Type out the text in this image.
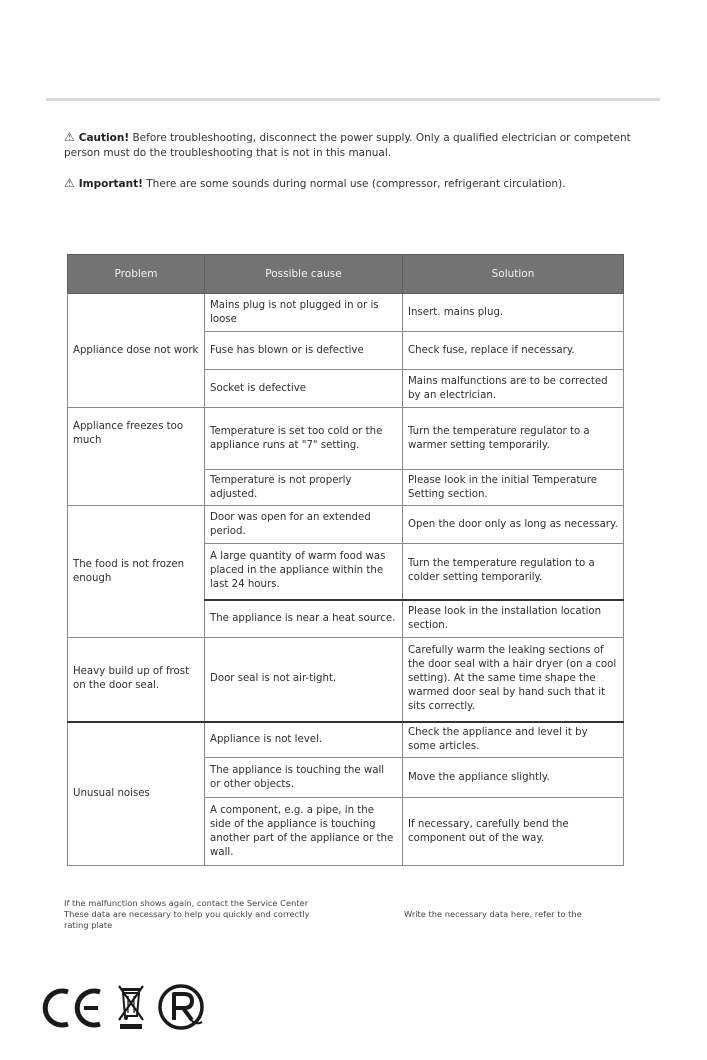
⚠ Caution! Before troubleshooting, disconnect the power supply. Only a qualified electrician or competent person must do the troubleshooting that is not in this manual.
⚠ Important! There are some sounds during normal use (compressor, refrigerant circulation).
Problem	Possible cause	Solution
Appliance dose not work	Mains plug is not plugged in or is loose	Insert. mains plug.
	Fuse has blown or is defective	Check fuse, replace if necessary.
	Socket is defective	Mains malfunctions are to be corrected by an electrician.
Appliance freezes too much	Temperature is set too cold or the appliance runs at "7" setting.	Turn the temperature regulator to a warmer setting temporarily.
	Temperature is not properly adjusted.	Please look in the initial Temperature Setting section.
The food is not frozen enough	Door was open for an extended period.	Open the door only as long as necessary.
	A large quantity of warm food was placed in the appliance within the last 24 hours.	Turn the temperature regulation to a colder setting temporarily.
	The appliance is near a heat source.	Please look in the installation location section.
Heavy build up of frost on the door seal.	Door seal is not air-tight.	Carefully warm the leaking sections of the door seal with a hair dryer (on a cool setting). At the same time shape the warmed door seal by hand such that it sits correctly.
Unusual noises	Appliance is not level.	Check the appliance and level it by some articles.
	The appliance is touching the wall or other objects.	Move the appliance slightly.
	A component, e.g. a pipe, in the side of the appliance is touching another part of the appliance or the wall.	If necessary, carefully bend the component out of the way.
If the malfunction shows again, contact the Service Center
These data are necessary to help you quickly and correctly	Write the necessary data here, refer to the
rating plate
